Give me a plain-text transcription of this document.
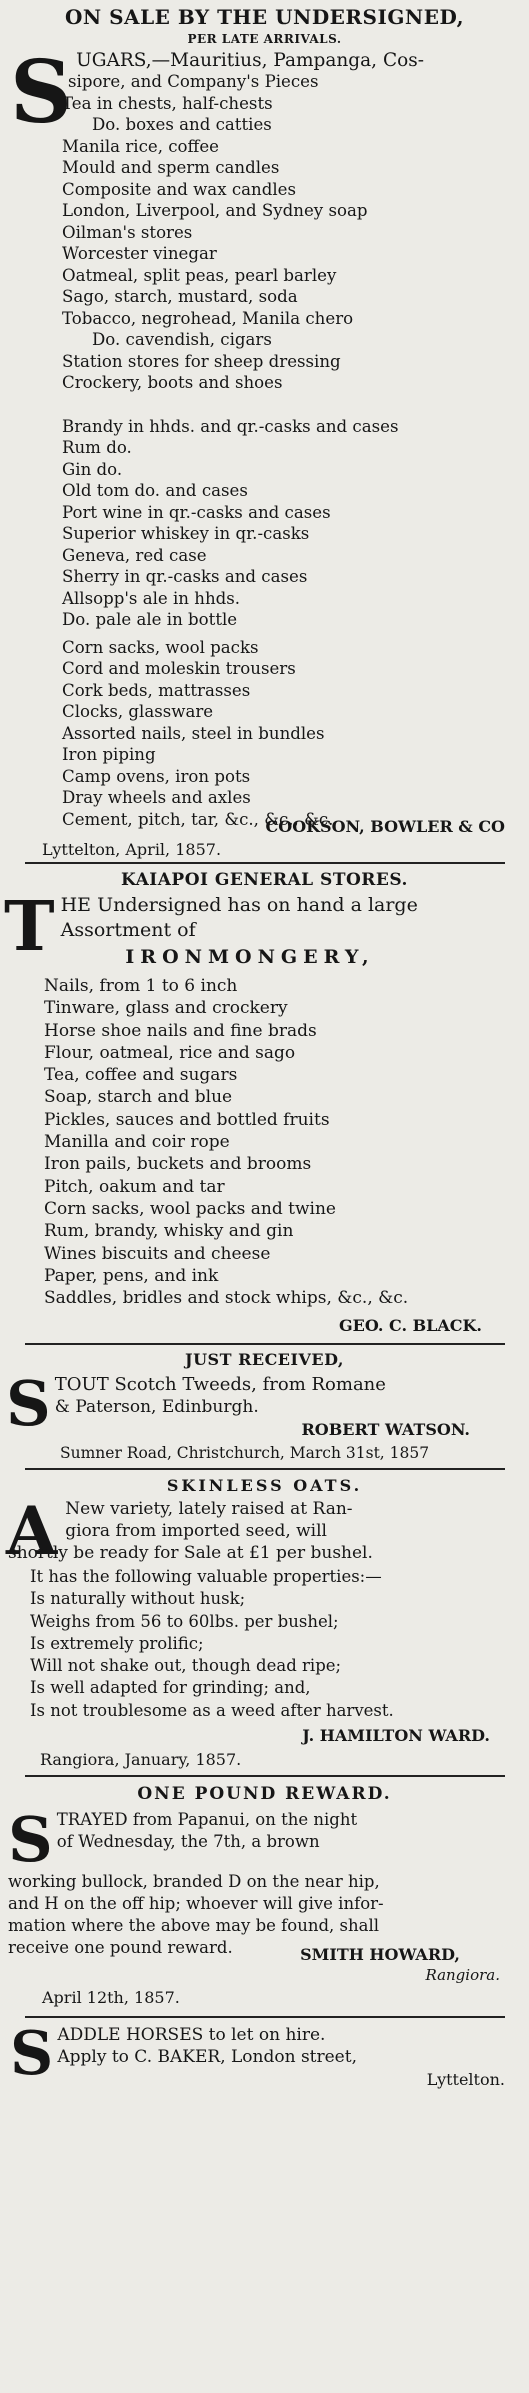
ON SALE BY THE UNDERSIGNED,
PER LATE ARRIVALS.
S UGARS,—Mauritius, Pampanga, Cos-
sipore, and Company's Pieces
Tea in chests, half-chests
Do. boxes and catties
Manila rice, coffee
Mould and sperm candles
Composite and wax candles
London, Liverpool, and Sydney soap
Oilman's stores
Worcester vinegar
Oatmeal, split peas, pearl barley
Sago, starch, mustard, soda
Tobacco, negrohead, Manila chero
Do. cavendish, cigars
Station stores for sheep dressing
Crockery, boots and shoes
Brandy in hhds. and qr.-casks and cases
Rum do.
Gin do.
Old tom do. and cases
Port wine in qr.-casks and cases
Superior whiskey in qr.-casks
Geneva, red case
Sherry in qr.-casks and cases
Allsopp's ale in hhds.
Do. pale ale in bottle
Corn sacks, wool packs
Cord and moleskin trousers
Cork beds, mattrasses
Clocks, glassware
Assorted nails, steel in bundles
Iron piping
Camp ovens, iron pots
Dray wheels and axles
Cement, pitch, tar, &c., &c., &c.
COOKSON, BOWLER & CO
Lyttelton, April, 1857.
KAIAPOI GENERAL STORES.
T HE Undersigned has on hand a large
Assortment of
IRONMONGERY,
Nails, from 1 to 6 inch
Tinware, glass and crockery
Horse shoe nails and fine brads
Flour, oatmeal, rice and sago
Tea, coffee and sugars
Soap, starch and blue
Pickles, sauces and bottled fruits
Manilla and coir rope
Iron pails, buckets and brooms
Pitch, oakum and tar
Corn sacks, wool packs and twine
Rum, brandy, whisky and gin
Wines biscuits and cheese
Paper, pens, and ink
Saddles, bridles and stock whips, &c., &c.
GEO. C. BLACK.
JUST RECEIVED,
S TOUT Scotch Tweeds, from Romane
& Paterson, Edinburgh.
ROBERT WATSON.
Sumner Road, Christchurch, March 31st, 1857
SKINLESS OATS.
A New variety, lately raised at Ran-
giora from imported seed, will
shortly be ready for Sale at £1 per bushel.
It has the following valuable properties:—
Is naturally without husk;
Weighs from 56 to 60lbs. per bushel;
Is extremely prolific;
Will not shake out, though dead ripe;
Is well adapted for grinding; and,
Is not troublesome as a weed after harvest.
J. HAMILTON WARD.
Rangiora, January, 1857.
ONE POUND REWARD.
S TRAYED from Papanui, on the night
of Wednesday, the 7th, a brown
working bullock, branded D on the near hip,
and H on the off hip; whoever will give infor-
mation where the above may be found, shall
receive one pound reward.	SMITH HOWARD,
Rangiora.
April 12th, 1857.
S ADDLE HORSES to let on hire.
Apply to C. BAKER, London street,
Lyttelton.
